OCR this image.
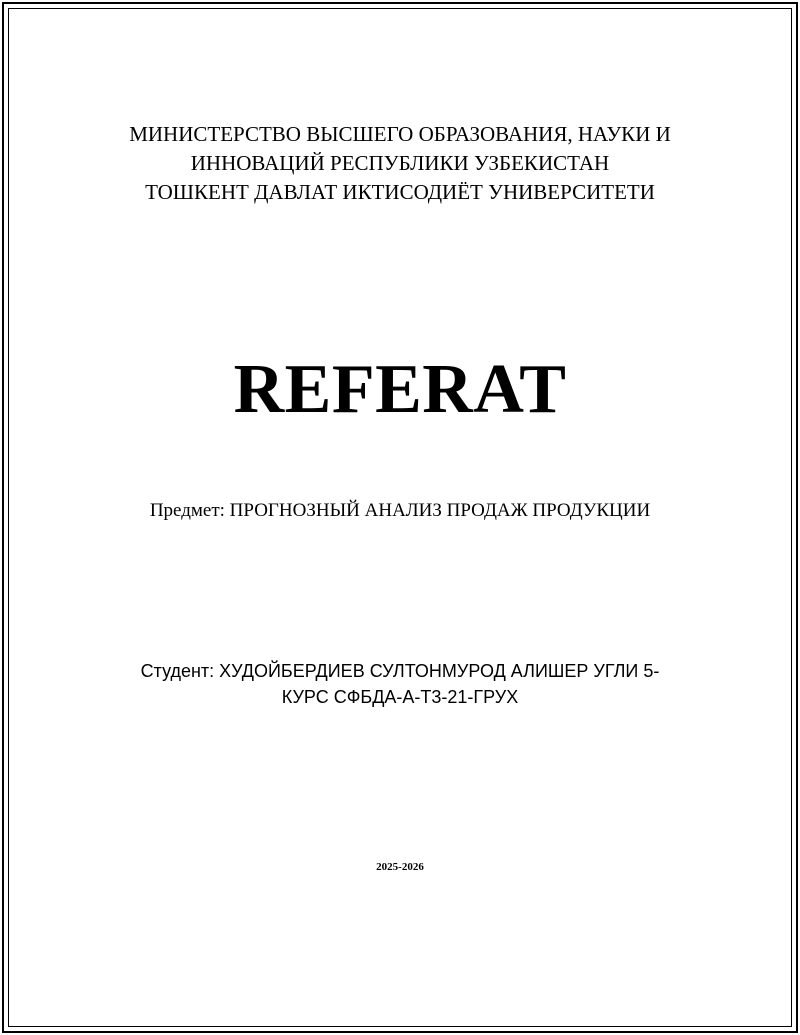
МИНИСТЕРСТВО ВЫСШЕГО ОБРАЗОВАНИЯ, НАУКИ И
ИННОВАЦИЙ РЕСПУБЛИКИ УЗБЕКИСТАН
ТОШКЕНТ ДАВЛАТ ИКТИСОДИЁТ УНИВЕРСИТЕТИ
REFERAT
Предмет: ПРОГНОЗНЫЙ АНАЛИЗ ПРОДАЖ ПРОДУКЦИИ
Студент: ХУДОЙБЕРДИЕВ СУЛТОНМУРОД АЛИШЕР УГЛИ 5-
КУРС СФБДА-А-Т3-21-ГРУХ
2025-2026
